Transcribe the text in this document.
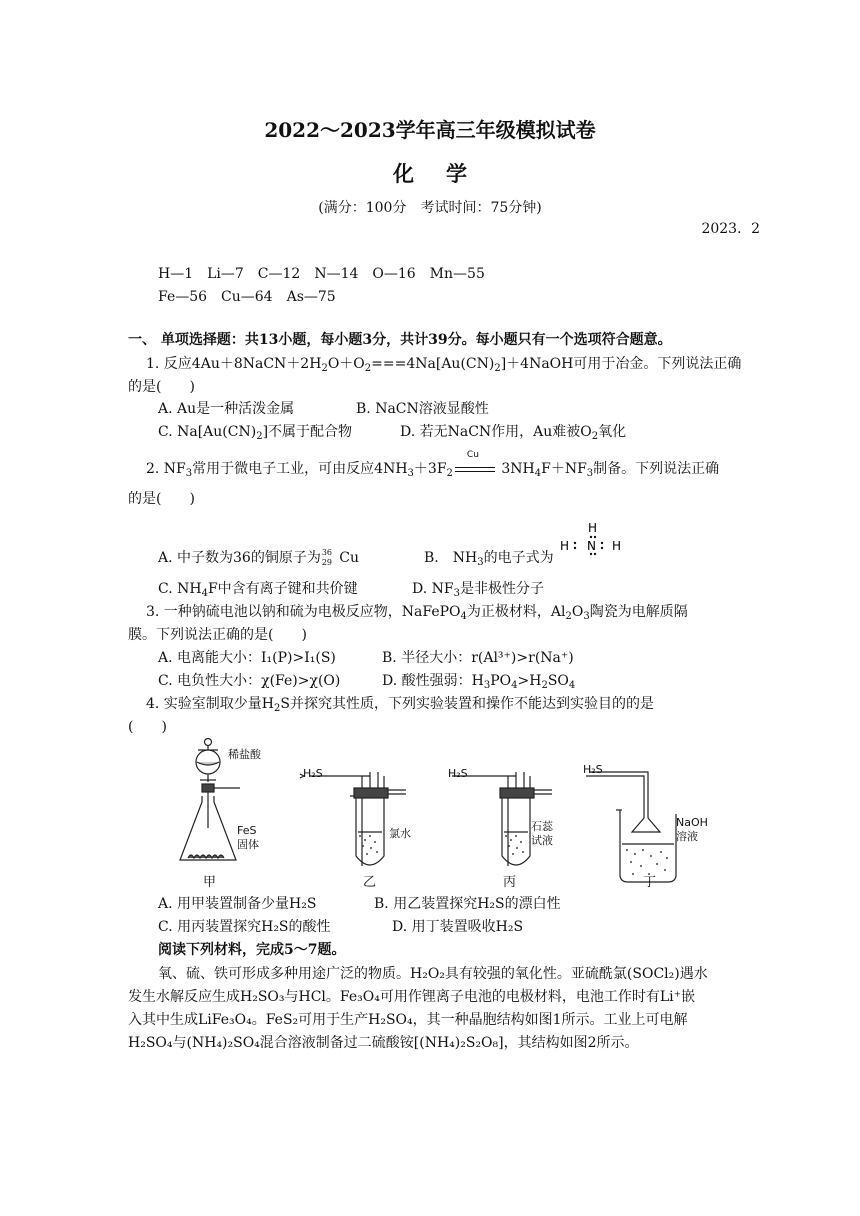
2022～2023学年高三年级模拟试卷
化学
(满分：100分　考试时间：75分钟)
2023．2
H—1　Li—7　C—12　N—14　O—16　Mn—55
Fe—56　Cu—64　As—75
一、 单项选择题：共13小题，每小题3分，共计39分。每小题只有一个选项符合题意。
1. 反应$4Au+8NaCN+2H_2O+O_2===4Na[Au(CN)_2]+4NaOH$可用于冶金。下列说法正确
的是(　　)
A. Au是一种活泼金属	B. NaCN溶液显酸性
C. $Na[Au(CN)_2]$不属于配合物	D. 若无NaCN作用，Au难被$O_2$氧化
2. $NF_3$常用于微电子工业，可由反应$4NH_3+3F_2$
Cu
$3NH_4F+NF_3$制备。下列说法正确
的是(　　)
A. 中子数为36的铜原子为 36
29 Cu	B.　$NH_3$的电子式为
H
H N H
C. $NH_4F$中含有离子键和共价键	D. $NF_3$是非极性分子
3. 一种钠硫电池以钠和硫为电极反应物，NaFePO$_4$为正极材料，$Al_2O_3$陶瓷为电解质隔
膜。下列说法正确的是(　　)
A. 电离能大小：I₁(P)>I₁(S)	B. 半径大小：r(Al³⁺)>r(Na⁺)
C. 电负性大小：χ(Fe)>χ(O)	D. 酸性强弱：$H_3PO_4>H_2SO_4$
4. 实验室制取少量$H_2S$并探究其性质，下列实验装置和操作不能达到实验目的的是
(　　)
稀盐酸
FeS
固体
H₂S
氯水
H₂S
石蕊
试液
H₂S
NaOH
溶液
甲	乙	丙	丁
A. 用甲装置制备少量H₂S	B. 用乙装置探究H₂S的漂白性
C. 用丙装置探究H₂S的酸性	D. 用丁装置吸收H₂S
阅读下列材料，完成5～7题。
氧、硫、铁可形成多种用途广泛的物质。H₂O₂具有较强的氧化性。亚硫酰氯(SOCl₂)遇水
发生水解反应生成H₂SO₃与HCl。Fe₃O₄可用作锂离子电池的电极材料，电池工作时有Li⁺嵌
入其中生成LiFe₃O₄。FeS₂可用于生产H₂SO₄，其一种晶胞结构如图1所示。工业上可电解
H₂SO₄与(NH₄)₂SO₄混合溶液制备过二硫酸铵[(NH₄)₂S₂O₈]，其结构如图2所示。
